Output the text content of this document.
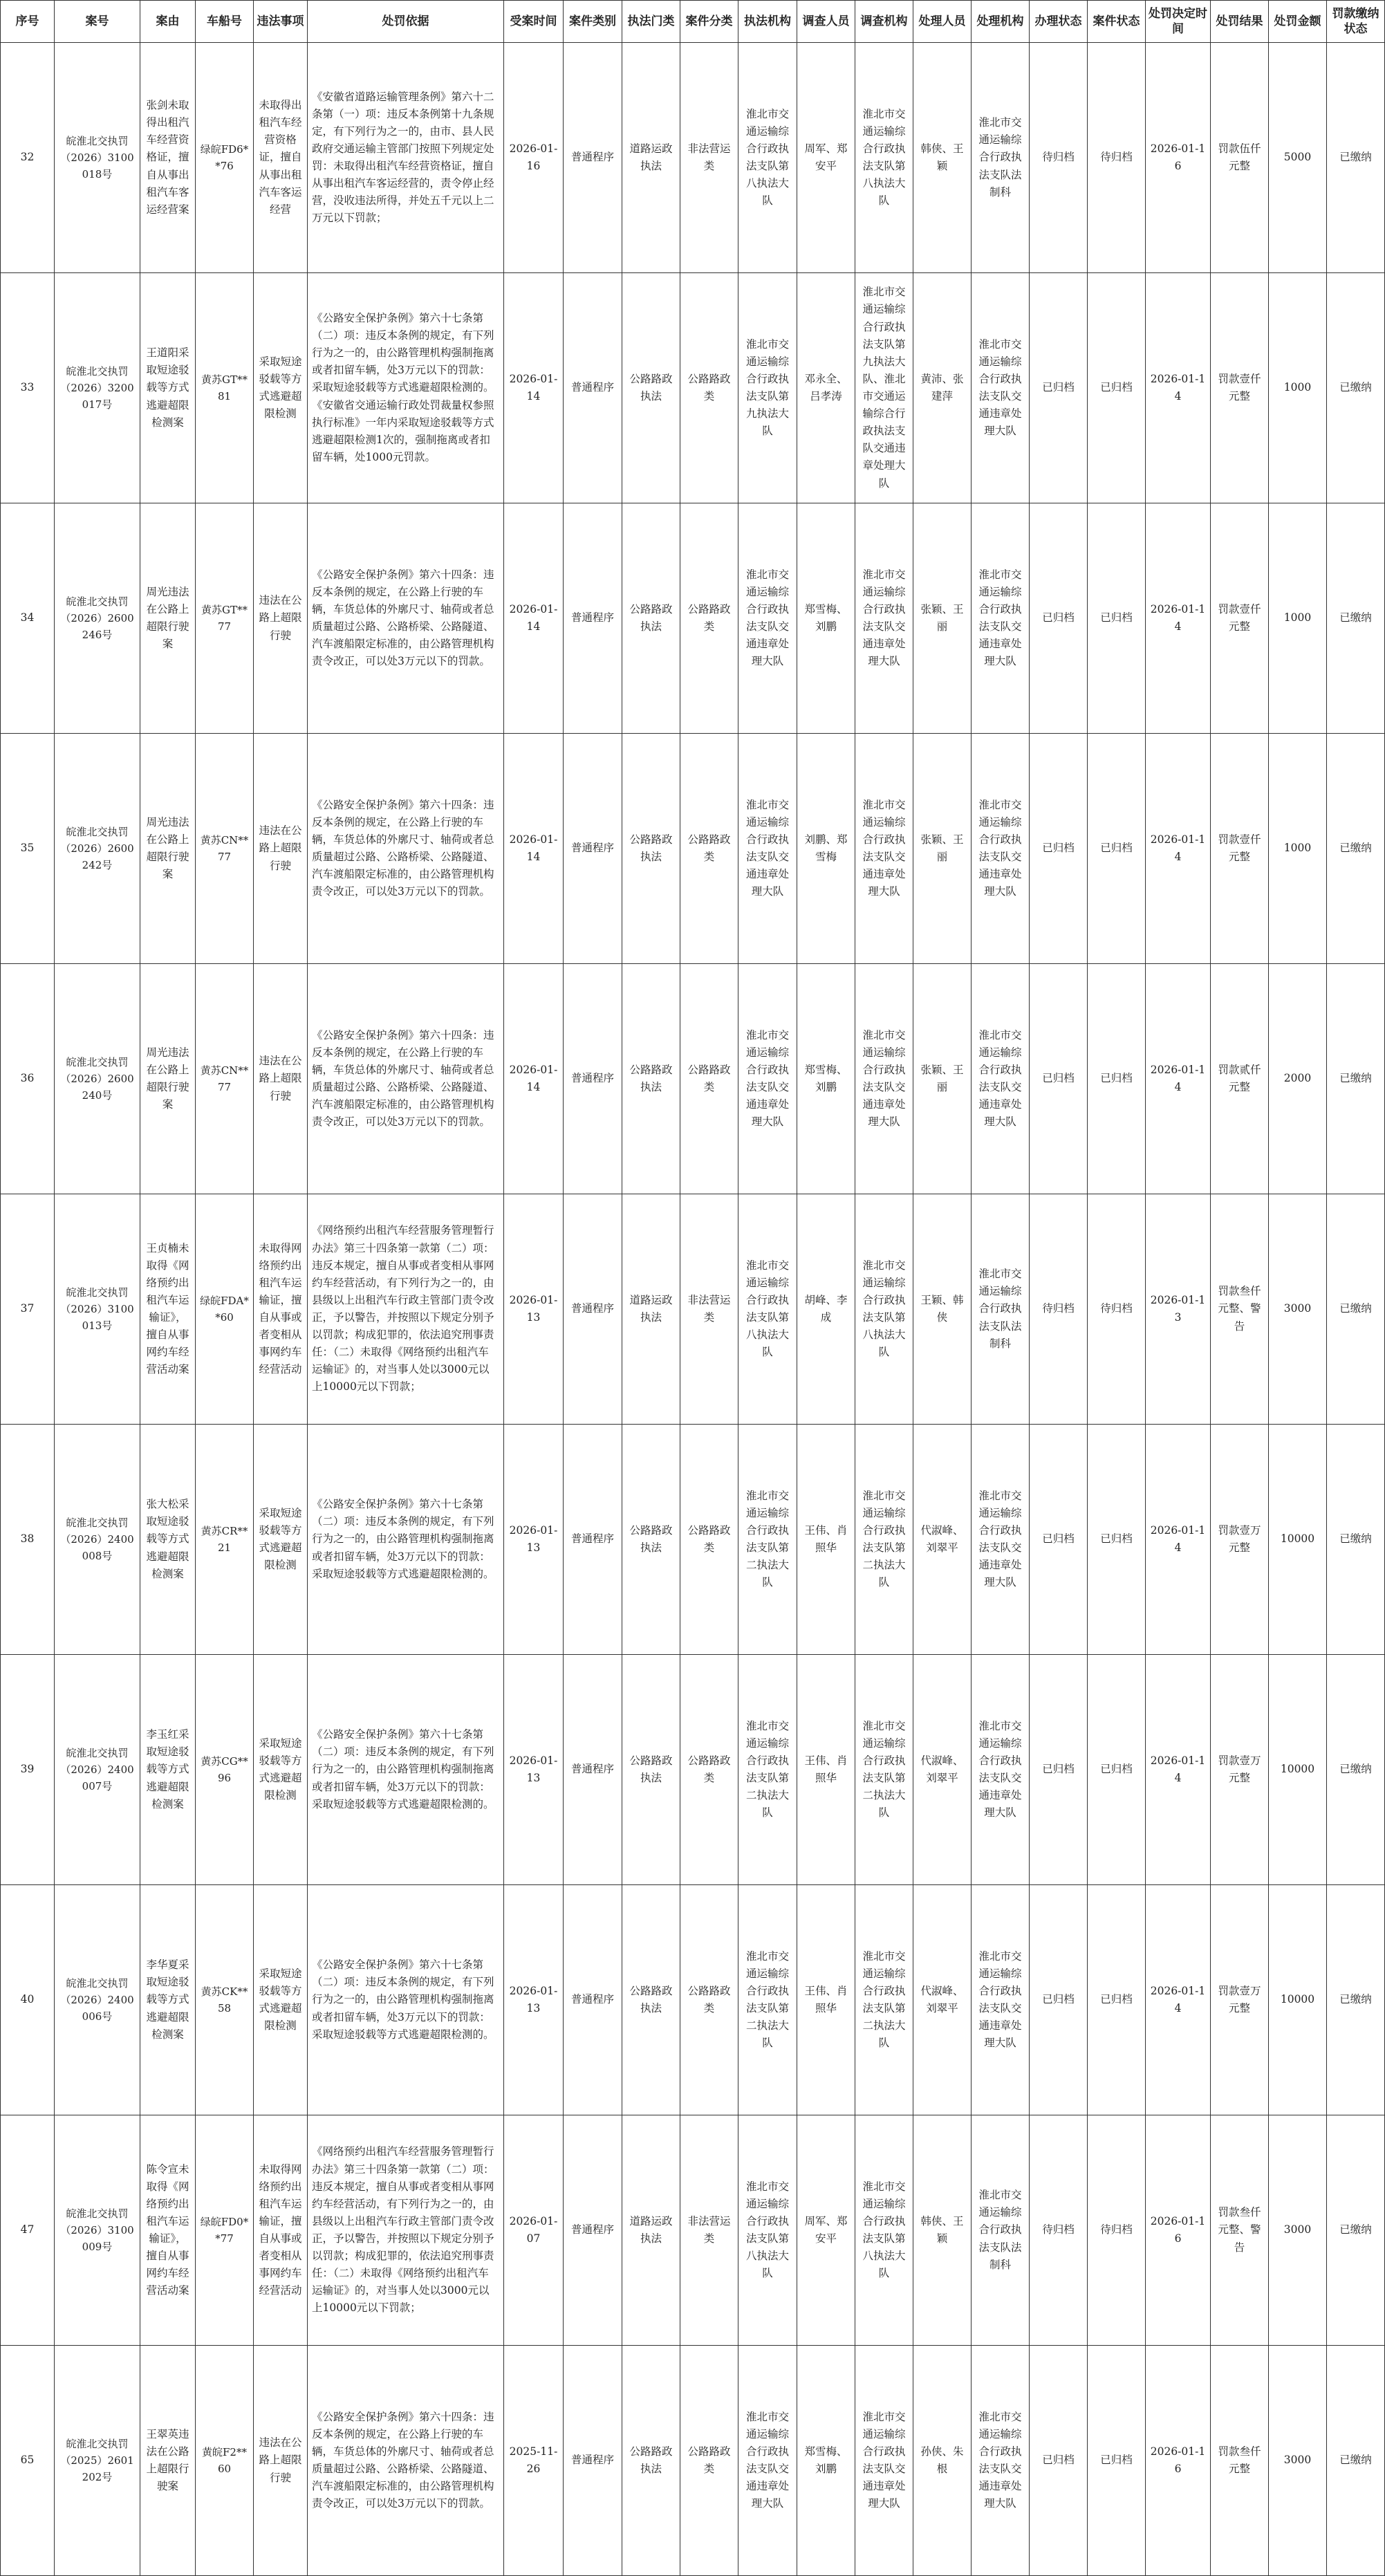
序号	案号	案由	车船号	违法事项	处罚依据	受案时间	案件类别	执法门类	案件分类	执法机构	调查人员	调查机构	处理人员	处理机构	办理状态	案件状态	处罚决定时间	处罚结果	处罚金额	罚款缴纳状态
32	皖淮北交执罚（2026）3100018号	张剑未取得出租汽车经营资格证，擅自从事出租汽车客运经营案	绿皖FD6**76	未取得出租汽车经营资格证，擅自从事出租汽车客运经营	《安徽省道路运输管理条例》第六十二条第（一）项：违反本条例第十九条规定，有下列行为之一的，由市、县人民政府交通运输主管部门按照下列规定处罚：未取得出租汽车经营资格证，擅自从事出租汽车客运经营的，责令停止经营，没收违法所得，并处五千元以上二万元以下罚款；	2026-01-16	普通程序	道路运政执法	非法营运类	淮北市交通运输综合行政执法支队第八执法大队	周军、郑安平	淮北市交通运输综合行政执法支队第八执法大队	韩侠、王颖	淮北市交通运输综合行政执法支队法制科	待归档	待归档	2026-01-16	罚款伍仟元整	5000	已缴纳
33	皖淮北交执罚（2026）3200017号	王道阳采取短途驳载等方式逃避超限检测案	黄苏GT**81	采取短途驳载等方式逃避超限检测	《公路安全保护条例》第六十七条第（二）项：违反本条例的规定，有下列行为之一的，由公路管理机构强制拖离或者扣留车辆，处3万元以下的罚款：采取短途驳载等方式逃避超限检测的。《安徽省交通运输行政处罚裁量权参照执行标准》一年内采取短途驳载等方式逃避超限检测1次的，强制拖离或者扣留车辆，处1000元罚款。	2026-01-14	普通程序	公路路政执法	公路路政类	淮北市交通运输综合行政执法支队第九执法大队	邓永全、吕孝涛	淮北市交通运输综合行政执法支队第九执法大队、淮北市交通运输综合行政执法支队交通违章处理大队	黄沛、张建萍	淮北市交通运输综合行政执法支队交通违章处理大队	已归档	已归档	2026-01-14	罚款壹仟元整	1000	已缴纳
34	皖淮北交执罚（2026）2600246号	周光违法在公路上超限行驶案	黄苏GT**77	违法在公路上超限行驶	《公路安全保护条例》第六十四条：违反本条例的规定，在公路上行驶的车辆，车货总体的外廓尺寸、轴荷或者总质量超过公路、公路桥梁、公路隧道、汽车渡船限定标准的，由公路管理机构责令改正，可以处3万元以下的罚款。	2026-01-14	普通程序	公路路政执法	公路路政类	淮北市交通运输综合行政执法支队交通违章处理大队	郑雪梅、刘鹏	淮北市交通运输综合行政执法支队交通违章处理大队	张颖、王丽	淮北市交通运输综合行政执法支队交通违章处理大队	已归档	已归档	2026-01-14	罚款壹仟元整	1000	已缴纳
35	皖淮北交执罚（2026）2600242号	周光违法在公路上超限行驶案	黄苏CN**77	违法在公路上超限行驶	《公路安全保护条例》第六十四条：违反本条例的规定，在公路上行驶的车辆，车货总体的外廓尺寸、轴荷或者总质量超过公路、公路桥梁、公路隧道、汽车渡船限定标准的，由公路管理机构责令改正，可以处3万元以下的罚款。	2026-01-14	普通程序	公路路政执法	公路路政类	淮北市交通运输综合行政执法支队交通违章处理大队	刘鹏、郑雪梅	淮北市交通运输综合行政执法支队交通违章处理大队	张颖、王丽	淮北市交通运输综合行政执法支队交通违章处理大队	已归档	已归档	2026-01-14	罚款壹仟元整	1000	已缴纳
36	皖淮北交执罚（2026）2600240号	周光违法在公路上超限行驶案	黄苏CN**77	违法在公路上超限行驶	《公路安全保护条例》第六十四条：违反本条例的规定，在公路上行驶的车辆，车货总体的外廓尺寸、轴荷或者总质量超过公路、公路桥梁、公路隧道、汽车渡船限定标准的，由公路管理机构责令改正，可以处3万元以下的罚款。	2026-01-14	普通程序	公路路政执法	公路路政类	淮北市交通运输综合行政执法支队交通违章处理大队	郑雪梅、刘鹏	淮北市交通运输综合行政执法支队交通违章处理大队	张颖、王丽	淮北市交通运输综合行政执法支队交通违章处理大队	已归档	已归档	2026-01-14	罚款贰仟元整	2000	已缴纳
37	皖淮北交执罚（2026）3100013号	王贞楠未取得《网络预约出租汽车运输证》，擅自从事网约车经营活动案	绿皖FDA**60	未取得网络预约出租汽车运输证，擅自从事或者变相从事网约车经营活动	《网络预约出租汽车经营服务管理暂行办法》第三十四条第一款第（二）项：违反本规定，擅自从事或者变相从事网约车经营活动，有下列行为之一的，由县级以上出租汽车行政主管部门责令改正，予以警告，并按照以下规定分别予以罚款；构成犯罪的，依法追究刑事责任：（二）未取得《网络预约出租汽车运输证》的，对当事人处以3000元以上10000元以下罚款；	2026-01-13	普通程序	道路运政执法	非法营运类	淮北市交通运输综合行政执法支队第八执法大队	胡峰、李成	淮北市交通运输综合行政执法支队第八执法大队	王颖、韩侠	淮北市交通运输综合行政执法支队法制科	待归档	待归档	2026-01-13	罚款叁仟元整、警告	3000	已缴纳
38	皖淮北交执罚（2026）2400008号	张大松采取短途驳载等方式逃避超限检测案	黄苏CR**21	采取短途驳载等方式逃避超限检测	《公路安全保护条例》第六十七条第（二）项：违反本条例的规定，有下列行为之一的，由公路管理机构强制拖离或者扣留车辆，处3万元以下的罚款：采取短途驳载等方式逃避超限检测的。	2026-01-13	普通程序	公路路政执法	公路路政类	淮北市交通运输综合行政执法支队第二执法大队	王伟、肖照华	淮北市交通运输综合行政执法支队第二执法大队	代淑峰、刘翠平	淮北市交通运输综合行政执法支队交通违章处理大队	已归档	已归档	2026-01-14	罚款壹万元整	10000	已缴纳
39	皖淮北交执罚（2026）2400007号	李玉红采取短途驳载等方式逃避超限检测案	黄苏CG**96	采取短途驳载等方式逃避超限检测	《公路安全保护条例》第六十七条第（二）项：违反本条例的规定，有下列行为之一的，由公路管理机构强制拖离或者扣留车辆，处3万元以下的罚款：采取短途驳载等方式逃避超限检测的。	2026-01-13	普通程序	公路路政执法	公路路政类	淮北市交通运输综合行政执法支队第二执法大队	王伟、肖照华	淮北市交通运输综合行政执法支队第二执法大队	代淑峰、刘翠平	淮北市交通运输综合行政执法支队交通违章处理大队	已归档	已归档	2026-01-14	罚款壹万元整	10000	已缴纳
40	皖淮北交执罚（2026）2400006号	李华夏采取短途驳载等方式逃避超限检测案	黄苏CK**58	采取短途驳载等方式逃避超限检测	《公路安全保护条例》第六十七条第（二）项：违反本条例的规定，有下列行为之一的，由公路管理机构强制拖离或者扣留车辆，处3万元以下的罚款：采取短途驳载等方式逃避超限检测的。	2026-01-13	普通程序	公路路政执法	公路路政类	淮北市交通运输综合行政执法支队第二执法大队	王伟、肖照华	淮北市交通运输综合行政执法支队第二执法大队	代淑峰、刘翠平	淮北市交通运输综合行政执法支队交通违章处理大队	已归档	已归档	2026-01-14	罚款壹万元整	10000	已缴纳
47	皖淮北交执罚（2026）3100009号	陈令宣未取得《网络预约出租汽车运输证》，擅自从事网约车经营活动案	绿皖FD0**77	未取得网络预约出租汽车运输证，擅自从事或者变相从事网约车经营活动	《网络预约出租汽车经营服务管理暂行办法》第三十四条第一款第（二）项：违反本规定，擅自从事或者变相从事网约车经营活动，有下列行为之一的，由县级以上出租汽车行政主管部门责令改正，予以警告，并按照以下规定分别予以罚款；构成犯罪的，依法追究刑事责任：（二）未取得《网络预约出租汽车运输证》的，对当事人处以3000元以上10000元以下罚款；	2026-01-07	普通程序	道路运政执法	非法营运类	淮北市交通运输综合行政执法支队第八执法大队	周军、郑安平	淮北市交通运输综合行政执法支队第八执法大队	韩侠、王颖	淮北市交通运输综合行政执法支队法制科	待归档	待归档	2026-01-16	罚款叁仟元整、警告	3000	已缴纳
65	皖淮北交执罚（2025）2601202号	王翠英违法在公路上超限行驶案	黄皖F2**60	违法在公路上超限行驶	《公路安全保护条例》第六十四条：违反本条例的规定，在公路上行驶的车辆，车货总体的外廓尺寸、轴荷或者总质量超过公路、公路桥梁、公路隧道、汽车渡船限定标准的，由公路管理机构责令改正，可以处3万元以下的罚款。	2025-11-26	普通程序	公路路政执法	公路路政类	淮北市交通运输综合行政执法支队交通违章处理大队	郑雪梅、刘鹏	淮北市交通运输综合行政执法支队交通违章处理大队	孙侠、朱根	淮北市交通运输综合行政执法支队交通违章处理大队	已归档	已归档	2026-01-16	罚款叁仟元整	3000	已缴纳
